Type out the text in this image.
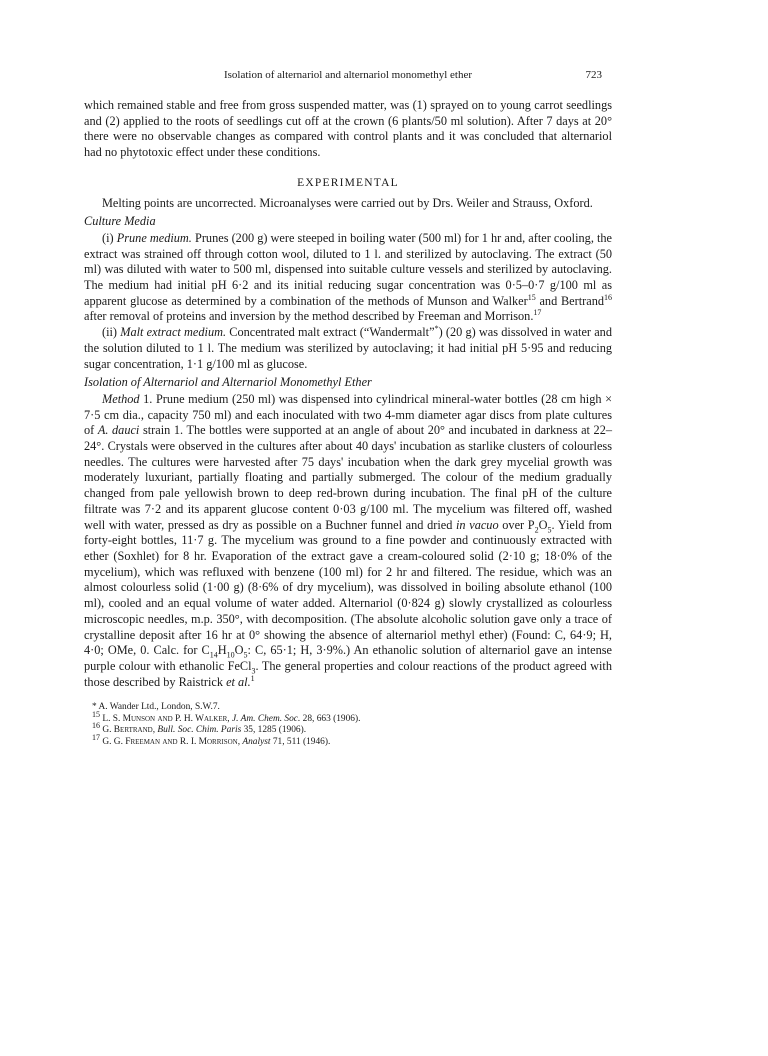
Isolation of alternariol and alternariol monomethyl ether	723

which remained stable and free from gross suspended matter, was (1) sprayed on to young carrot seedlings and (2) applied to the roots of seedlings cut off at the crown (6 plants/50 ml solution). After 7 days at 20° there were no observable changes as compared with control plants and it was concluded that alternariol had no phytotoxic effect under these conditions.

EXPERIMENTAL

Melting points are uncorrected. Microanalyses were carried out by Drs. Weiler and Strauss, Oxford.

Culture Media

(i) Prune medium. Prunes (200 g) were steeped in boiling water (500 ml) for 1 hr and, after cooling, the extract was strained off through cotton wool, diluted to 1 l. and sterilized by autoclaving. The extract (50 ml) was diluted with water to 500 ml, dispensed into suitable culture vessels and sterilized by autoclaving. The medium had initial pH 6·2 and its initial reducing sugar concentration was 0·5–0·7 g/100 ml as apparent glucose as determined by a combination of the methods of Munson and Walker$^{15}$ and Bertrand$^{16}$ after removal of proteins and inversion by the method described by Freeman and Morrison.$^{17}$

(ii) Malt extract medium. Concentrated malt extract (“Wandermalt”*) (20 g) was dissolved in water and the solution diluted to 1 l. The medium was sterilized by autoclaving; it had initial pH 5·95 and reducing sugar concentration, 1·1 g/100 ml as glucose.

Isolation of Alternariol and Alternariol Monomethyl Ether

Method 1. Prune medium (250 ml) was dispensed into cylindrical mineral-water bottles (28 cm high × 7·5 cm dia., capacity 750 ml) and each inoculated with two 4-mm diameter agar discs from plate cultures of A. dauci strain 1. The bottles were supported at an angle of about 20° and incubated in darkness at 22–24°. Crystals were observed in the cultures after about 40 days' incubation as starlike clusters of colourless needles. The cultures were harvested after 75 days' incubation when the dark grey mycelial growth was moderately luxuriant, partially floating and partially submerged. The colour of the medium gradually changed from pale yellowish brown to deep red-brown during incubation. The final pH of the culture filtrate was 7·2 and its apparent glucose content 0·03 g/100 ml. The mycelium was filtered off, washed well with water, pressed as dry as possible on a Buchner funnel and dried in vacuo over $P_2O_5$. Yield from forty-eight bottles, 11·7 g. The mycelium was ground to a fine powder and continuously extracted with ether (Soxhlet) for 8 hr. Evaporation of the extract gave a cream-coloured solid (2·10 g; 18·0% of the mycelium), which was refluxed with benzene (100 ml) for 2 hr and filtered. The residue, which was an almost colourless solid (1·00 g) (8·6% of dry mycelium), was dissolved in boiling absolute ethanol (100 ml), cooled and an equal volume of water added. Alternariol (0·824 g) slowly crystallized as colourless microscopic needles, m.p. 350°, with decomposition. (The absolute alcoholic solution gave only a trace of crystalline deposit after 16 hr at 0° showing the absence of alternariol methyl ether) (Found: C, 64·9; H, 4·0; OMe, 0. Calc. for $C_{14}H_{10}O_5$: C, 65·1; H, 3·9%.) An ethanolic solution of alternariol gave an intense purple colour with ethanolic FeCl$_3$. The general properties and colour reactions of the product agreed with those described by Raistrick et al.$^1$

* A. Wander Ltd., London, S.W.7.
$^{15}$ L. S. Munson and P. H. Walker, J. Am. Chem. Soc. 28, 663 (1906).
$^{16}$ G. Bertrand, Bull. Soc. Chim. Paris 35, 1285 (1906).
$^{17}$ G. G. Freeman and R. I. Morrison, Analyst 71, 511 (1946).
